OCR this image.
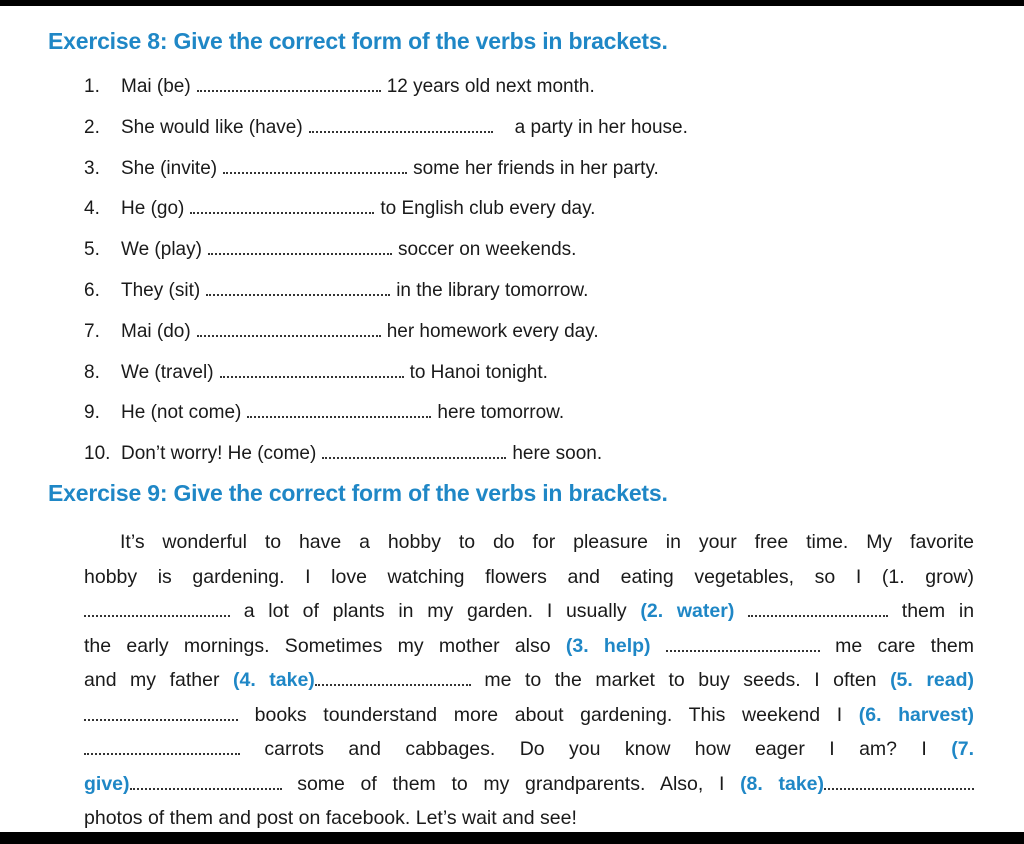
Exercise 8: Give the correct form of the verbs in brackets.
1. Mai (be)	12 years old next month.
2. She would like (have)	a party in her house.
3. She (invite)	some her friends in her party.
4. He (go)	to English club every day.
5. We (play)	soccer on weekends.
6. They (sit)	in the library tomorrow.
7. Mai (do)	her homework every day.
8. We (travel)	to Hanoi tonight.
9. He (not come)	here tomorrow.
10. Don’t worry! He (come)	here soon.
Exercise 9: Give the correct form of the verbs in brackets.
It’s wonderful to have a hobby to do for pleasure in your free time. My favorite
hobby is gardening. I love watching flowers and eating vegetables, so I (1. grow)
a lot of plants in my garden. I usually (2. water)	them in
the early mornings. Sometimes my mother also (3. help)	me care them
and my father (4. take)	me to the market to buy seeds. I often (5. read)
books tounderstand more about gardening. This weekend I (6. harvest)
carrots and cabbages. Do you know how eager I am? I (7.
give)	some of them to my grandparents. Also, I (8. take)
photos of them and post on facebook. Let’s wait and see!
